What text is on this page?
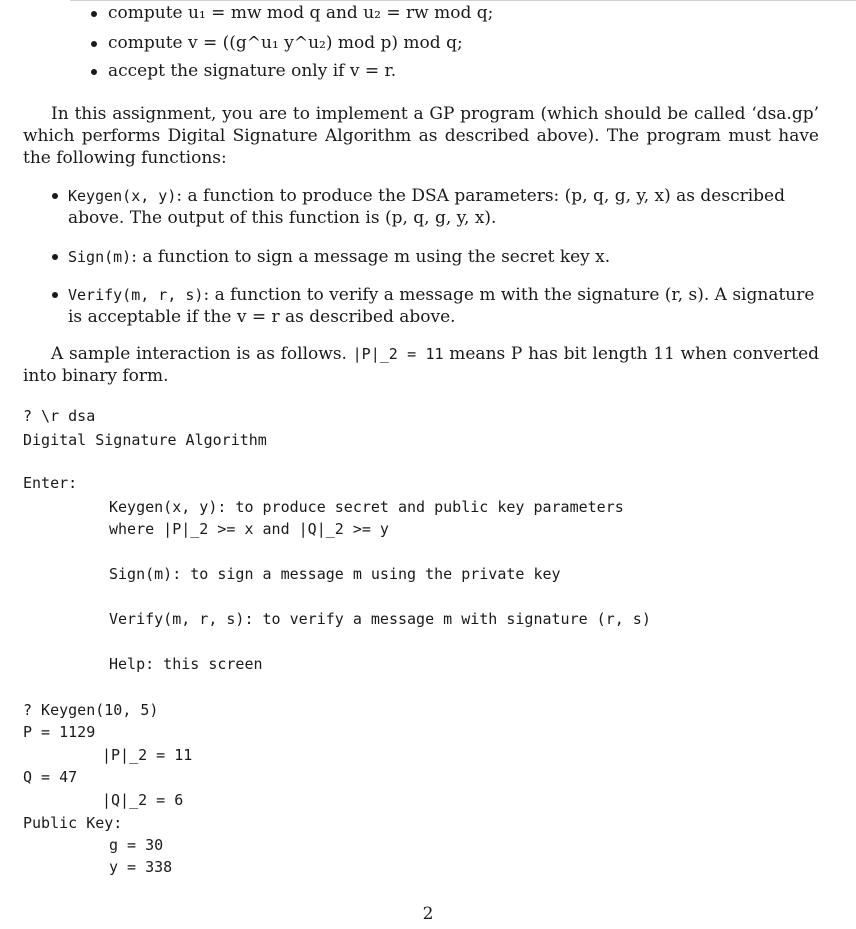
compute u₁ = mw mod q and u₂ = rw mod q;
compute v = ((g^u₁ y^u₂) mod p) mod q;
accept the signature only if v = r.
In this assignment, you are to implement a GP program (which should be called ‘dsa.gp’ which performs Digital Signature Algorithm as described above). The program must have the following functions:
Keygen(x, y): a function to produce the DSA parameters: (p, q, g, y, x) as described above. The output of this function is (p, q, g, y, x).
Sign(m): a function to sign a message m using the secret key x.
Verify(m, r, s): a function to verify a message m with the signature (r, s). A signature is acceptable if the v = r as described above.
A sample interaction is as follows. |P|_2 = 11 means P has bit length 11 when converted into binary form.
? \r dsa
Digital Signature Algorithm
Enter:
Keygen(x, y): to produce secret and public key parameters
where |P|_2 >= x and |Q|_2 >= y
Sign(m): to sign a message m using the private key
Verify(m, r, s): to verify a message m with signature (r, s)
Help: this screen
? Keygen(10, 5)
P = 1129
|P|_2 = 11
Q = 47
|Q|_2 = 6
Public Key:
g = 30
y = 338
2
